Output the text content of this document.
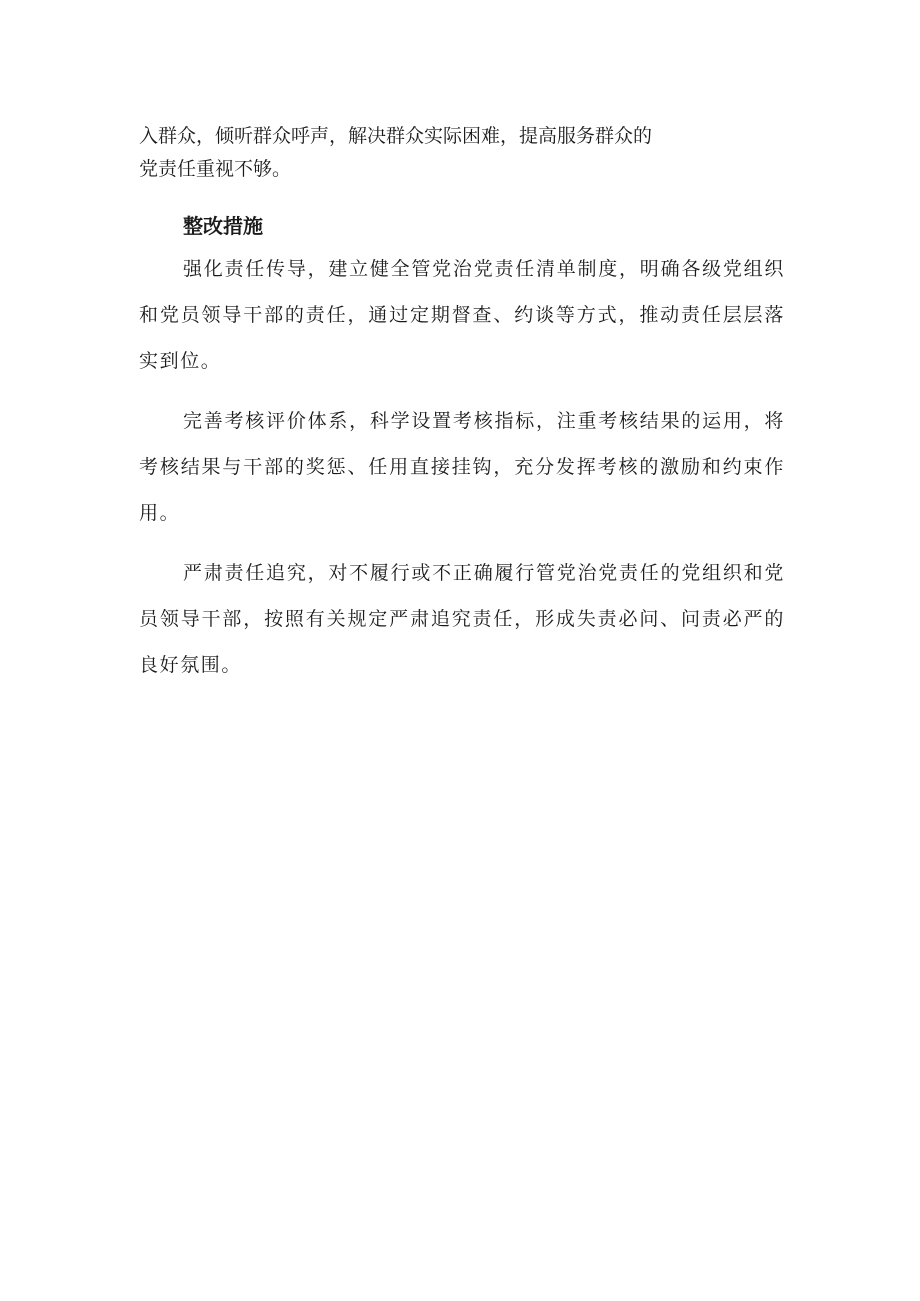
入群众，倾听群众呼声，解决群众实际困难，提高服务群众的

党责任重视不够。

整改措施

强化责任传导，建立健全管党治党责任清单制度，明确各级党组织和党员领导干部的责任，通过定期督查、约谈等方式，推动责任层层落实到位。

完善考核评价体系，科学设置考核指标，注重考核结果的运用，将考核结果与干部的奖惩、任用直接挂钩，充分发挥考核的激励和约束作用。

严肃责任追究，对不履行或不正确履行管党治党责任的党组织和党员领导干部，按照有关规定严肃追究责任，形成失责必问、问责必严的良好氛围。
